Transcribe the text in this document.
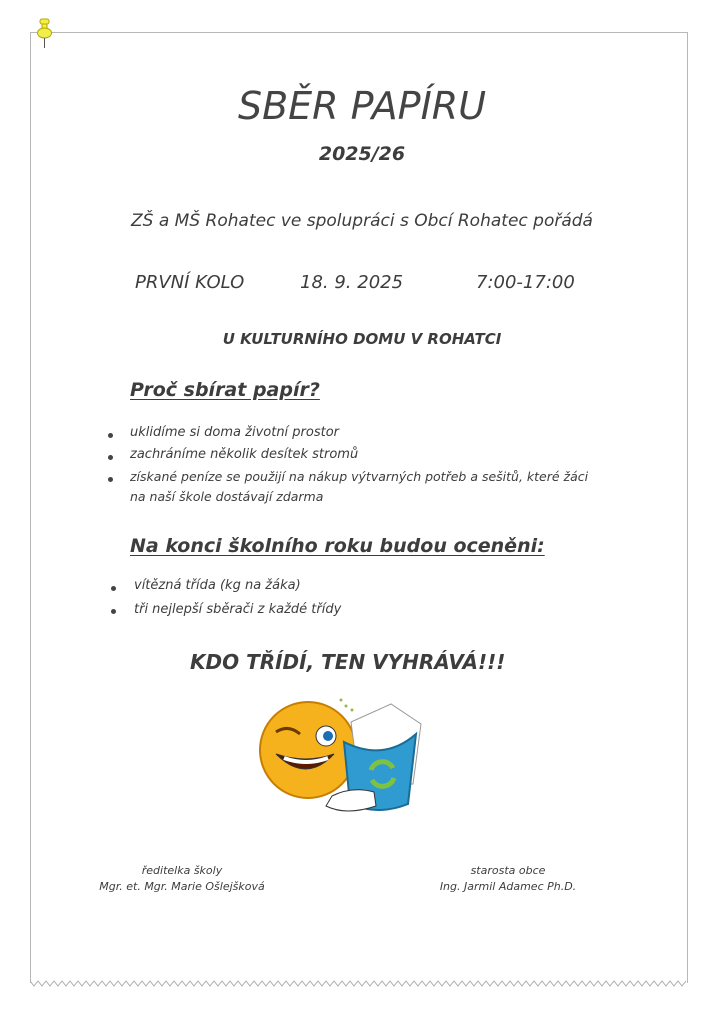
SBĚR PAPÍRU
2025/26
ZŠ a MŠ Rohatec ve spolupráci s Obcí Rohatec pořádá
PRVNÍ KOLO	18. 9. 2025	7:00-17:00
U KULTURNÍHO DOMU V ROHATCI
Proč sbírat papír?
uklidíme si doma životní prostor
zachráníme několik desítek stromů
získané peníze se použijí na nákup výtvarných potřeb a sešitů, které žáci
na naší škole dostávají zdarma
Na konci školního roku budou oceněni:
vítězná třída (kg na žáka)
tři nejlepší sběrači z každé třídy
KDO TŘÍDÍ, TEN VYHRÁVÁ!!!
ředitelka školy
Mgr. et. Mgr. Marie Ošlejšková
starosta obce
Ing. Jarmil Adamec Ph.D.
